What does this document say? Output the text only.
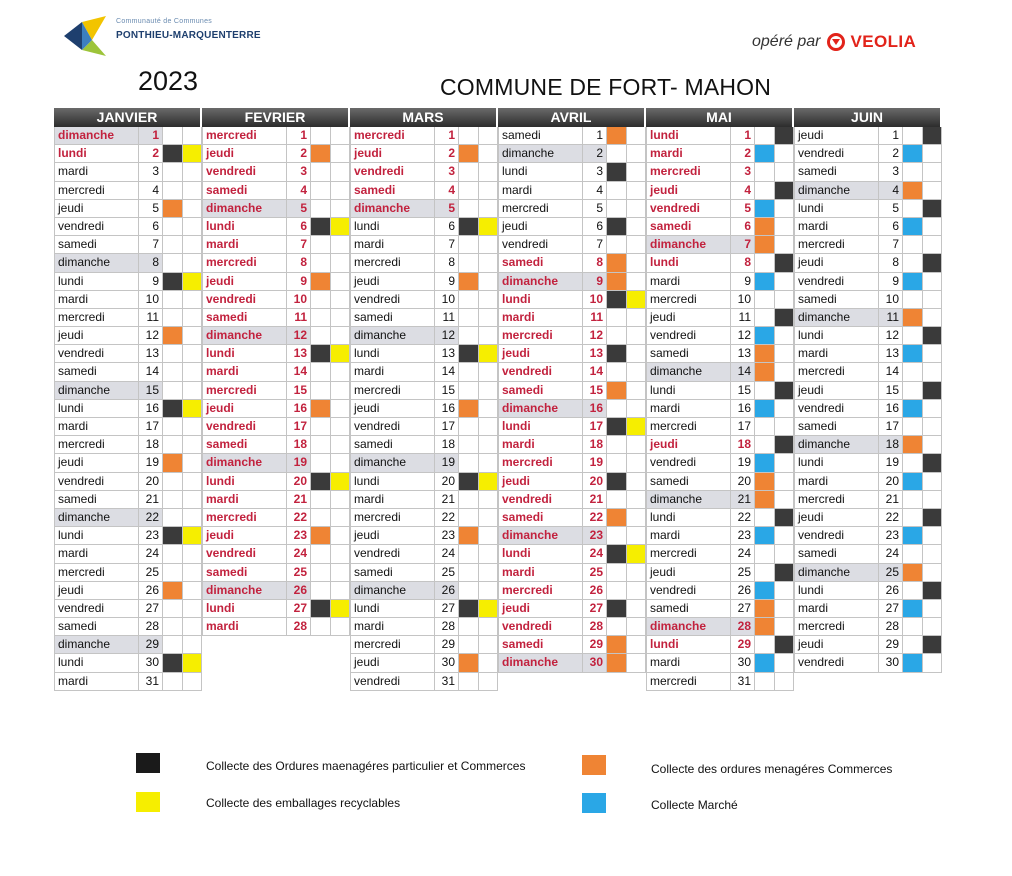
Communauté de Communes
PONTHIEU-MARQUENTERRE	opéré par VEOLIA
2023	COMMUNE DE FORT- MAHON
JANVIER
dimanche	1
lundi	2
mardi	3
mercredi	4
jeudi	5
vendredi	6
samedi	7
dimanche	8
lundi	9
mardi	10
mercredi	11
jeudi	12
vendredi	13
samedi	14
dimanche	15
lundi	16
mardi	17
mercredi	18
jeudi	19
vendredi	20
samedi	21
dimanche	22
lundi	23
mardi	24
mercredi	25
jeudi	26
vendredi	27
samedi	28
dimanche	29
lundi	30
mardi	31
FEVRIER
mercredi	1
jeudi	2
vendredi	3
samedi	4
dimanche	5
lundi	6
mardi	7
mercredi	8
jeudi	9
vendredi	10
samedi	11
dimanche	12
lundi	13
mardi	14
mercredi	15
jeudi	16
vendredi	17
samedi	18
dimanche	19
lundi	20
mardi	21
mercredi	22
jeudi	23
vendredi	24
samedi	25
dimanche	26
lundi	27
mardi	28
MARS
mercredi	1
jeudi	2
vendredi	3
samedi	4
dimanche	5
lundi	6
mardi	7
mercredi	8
jeudi	9
vendredi	10
samedi	11
dimanche	12
lundi	13
mardi	14
mercredi	15
jeudi	16
vendredi	17
samedi	18
dimanche	19
lundi	20
mardi	21
mercredi	22
jeudi	23
vendredi	24
samedi	25
dimanche	26
lundi	27
mardi	28
mercredi	29
jeudi	30
vendredi	31
AVRIL
samedi	1
dimanche	2
lundi	3
mardi	4
mercredi	5
jeudi	6
vendredi	7
samedi	8
dimanche	9
lundi	10
mardi	11
mercredi	12
jeudi	13
vendredi	14
samedi	15
dimanche	16
lundi	17
mardi	18
mercredi	19
jeudi	20
vendredi	21
samedi	22
dimanche	23
lundi	24
mardi	25
mercredi	26
jeudi	27
vendredi	28
samedi	29
dimanche	30
MAI
lundi	1
mardi	2
mercredi	3
jeudi	4
vendredi	5
samedi	6
dimanche	7
lundi	8
mardi	9
mercredi	10
jeudi	11
vendredi	12
samedi	13
dimanche	14
lundi	15
mardi	16
mercredi	17
jeudi	18
vendredi	19
samedi	20
dimanche	21
lundi	22
mardi	23
mercredi	24
jeudi	25
vendredi	26
samedi	27
dimanche	28
lundi	29
mardi	30
mercredi	31
JUIN
jeudi	1
vendredi	2
samedi	3
dimanche	4
lundi	5
mardi	6
mercredi	7
jeudi	8
vendredi	9
samedi	10
dimanche	11
lundi	12
mardi	13
mercredi	14
jeudi	15
vendredi	16
samedi	17
dimanche	18
lundi	19
mardi	20
mercredi	21
jeudi	22
vendredi	23
samedi	24
dimanche	25
lundi	26
mardi	27
mercredi	28
jeudi	29
vendredi	30
Collecte des Ordures maenagéres particulier et Commerces	Collecte des ordures menagéres Commerces
Collecte des emballages recyclables	Collecte Marché
